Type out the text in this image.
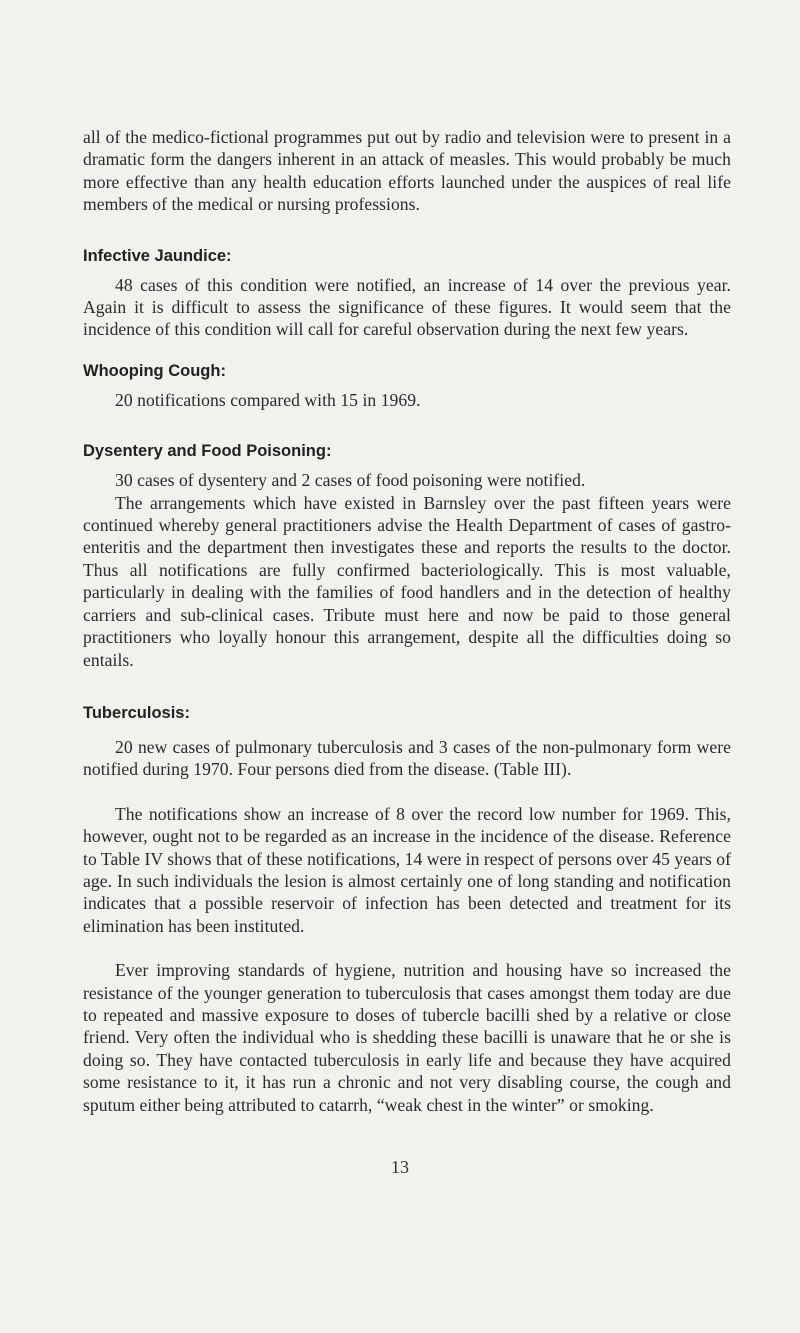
all of the medico-fictional programmes put out by radio and television were to present in a dramatic form the dangers inherent in an attack of measles. This would probably be much more effective than any health education efforts launched under the auspices of real life members of the medical or nursing professions.

Infective Jaundice:

48 cases of this condition were notified, an increase of 14 over the previous year. Again it is difficult to assess the significance of these figures. It would seem that the incidence of this condition will call for careful observation during the next few years.

Whooping Cough:

20 notifications compared with 15 in 1969.

Dysentery and Food Poisoning:

30 cases of dysentery and 2 cases of food poisoning were notified.

The arrangements which have existed in Barnsley over the past fifteen years were continued whereby general practitioners advise the Health Department of cases of gastro-enteritis and the department then investigates these and reports the results to the doctor. Thus all notifications are fully confirmed bacteriologically. This is most valuable, particularly in dealing with the families of food handlers and in the detection of healthy carriers and sub-clinical cases. Tribute must here and now be paid to those general practitioners who loyally honour this arrangement, despite all the difficulties doing so entails.

Tuberculosis:

20 new cases of pulmonary tuberculosis and 3 cases of the non-pulmonary form were notified during 1970. Four persons died from the disease. (Table III).

The notifications show an increase of 8 over the record low number for 1969. This, however, ought not to be regarded as an increase in the incidence of the disease. Reference to Table IV shows that of these notifications, 14 were in respect of persons over 45 years of age. In such individuals the lesion is almost certainly one of long standing and notification indicates that a possible reservoir of infection has been detected and treatment for its elimination has been instituted.

Ever improving standards of hygiene, nutrition and housing have so increased the resistance of the younger generation to tuberculosis that cases amongst them today are due to repeated and massive exposure to doses of tubercle bacilli shed by a relative or close friend. Very often the individual who is shedding these bacilli is unaware that he or she is doing so. They have contacted tuberculosis in early life and because they have acquired some resistance to it, it has run a chronic and not very disabling course, the cough and sputum either being attributed to catarrh, “weak chest in the winter” or smoking.

13
